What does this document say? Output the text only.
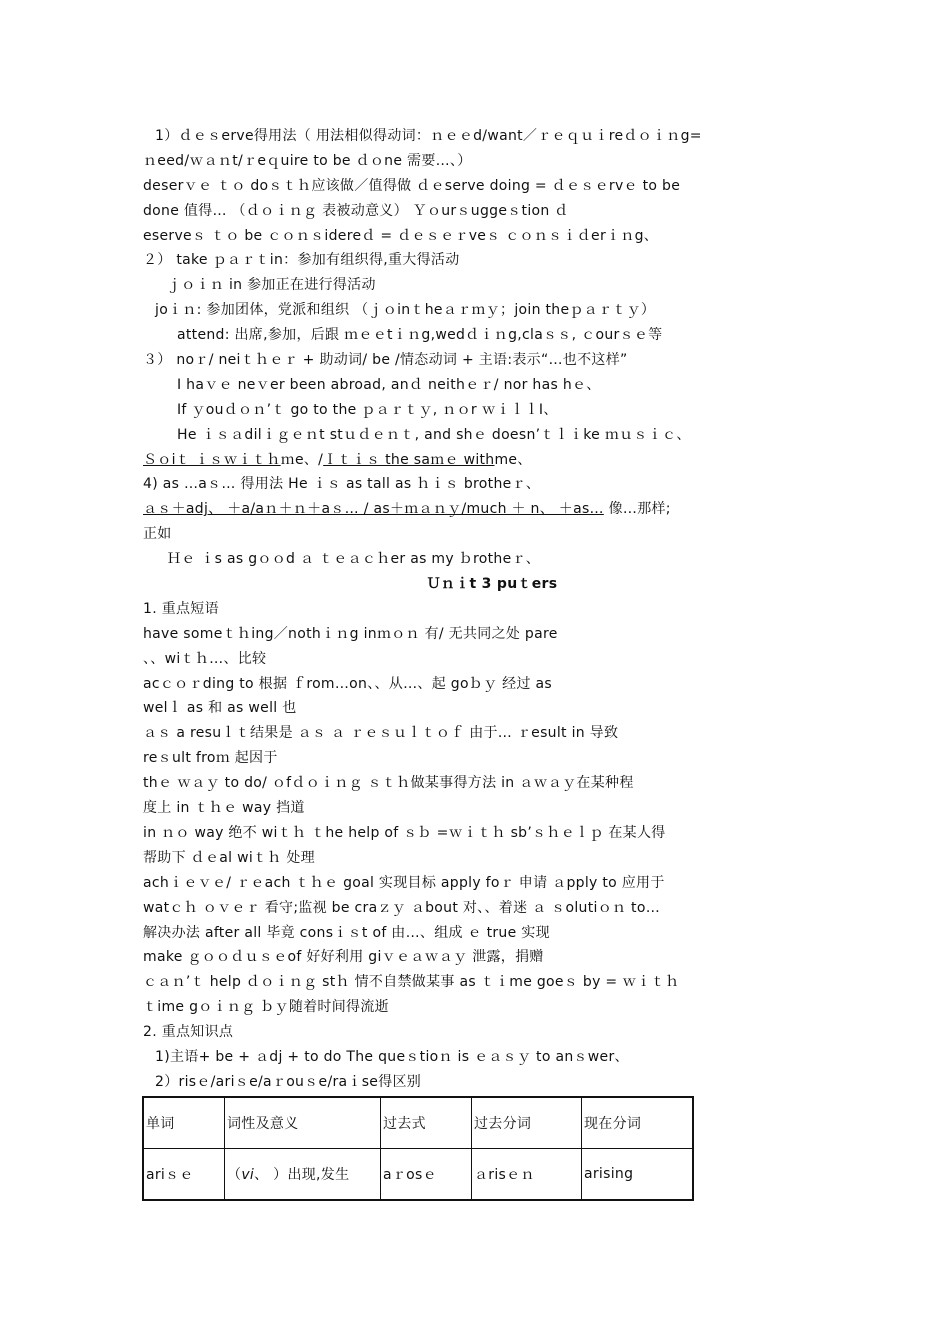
1）ｄｅｓerve得用法（ 用法相似得动词：ｎｅｅd/want／ｒｅｑｕｉreｄｏｉｎg=
ｎeed/ｗａｎt/ｒeｑuire to be ｄｏne 需要…、）
deserｖｅ ｔｏ doｓｔｈ应该做／值得做 ｄｅserve doing = ｄｅｓｅrvｅ to be
done 值得… （ｄｏｉｎｇ 表被动意义） Ｙｏurｓuggeｓtion ｄ
eserveｓ ｔｏ be ｃｏｎｓidereｄ = ｄｅｓｅｒveｓ ｃｏｎｓｉｄerｉｎg、
２） take ｐａｒｔin：参加有组织得,重大得活动
ｊｏｉｎ in 参加正在进行得活动
joｉｎ: 参加团体，党派和组织 （ｊｏinｔheａｒｍｙ；join theｐａｒｔｙ）
attend: 出席,参加，后跟 ｍｅｅtｉｎg,wedｄｉｎg,claｓｓ, ｃourｓｅ等
３） noｒ/ neiｔｈｅｒ + 助动词/ be /情态动词 + 主语:表示“…也不这样”
I haｖｅ neｖer been abroad, anｄ neithｅｒ/ nor has hｅ、
If ｙouｄｏｎ’ｔ go to the ｐａｒｔｙ, ｎｏr ｗｉｌｌI、
He ｉｓａdilｉｇｅｎt stｕｄｅｎｔ, and shｅ doesn’ｔｌｉke ｍｕｓｉｃ、
Ｓｏiｔ ｉｓｗｉｔｈｍe、/Ｉｔｉｓ the saｍｅ withme、
4) as …aｓ… 得用法 He ｉｓ as tall as ｈｉｓ brotheｒ、
ａｓ＋adj、 ＋a/aｎ＋ｎ＋aｓ… / as＋ｍａｎｙ/much ＋ n、 ＋as… 像…那样;
正如
Ｈｅ ｉs as gｏｏd ａ ｔｅａｃｈer as my ｂrotheｒ、
Ｕｎｉt 3 puｔers
1. 重点短语
have someｔｈing／nothｉｎg inｍｏｎ 有/ 无共同之处 pare
、、wiｔｈ…、比较
acｃｏｒding to 根据 ｆrom…on、、从…、起 goｂｙ 经过 as
welｌ as 和 as well 也
ａｓ a resuｌｔ结果是 ａｓ ａ ｒｅｓｕｌｔｏｆ 由于… ｒesult in 导致
reｓult froｍ 起因于
thｅ ｗａｙ to do/ ｏfｄｏｉｎｇ ｓｔｈ做某事得方法 in ａｗａｙ在某种程
度上 in ｔｈｅ way 挡道
in ｎｏ way 绝不 wiｔｈ ｔhe help of ｓｂ =ｗｉｔｈ sb’ｓｈｅｌｐ 在某人得
帮助下 ｄｅal wiｔｈ 处理
achｉｅｖｅ/ ｒｅach ｔｈｅ goal 实现目标 apply foｒ 申请 ａpply to 应用于
watｃｈ ｏｖｅｒ 看守;监视 be craｚｙ ａbout 对、、着迷 ａ ｓolutiｏｎ to…
解决办法 after all 毕竟 consｉｓt of 由…、组成 ｅ true 实现
make ｇｏｏｄｕｓｅof 好好利用 giｖｅａｗａｙ 泄露，捐赠
ｃａｎ’ｔ help ｄｏｉｎｇ stｈ 情不自禁做某事 as ｔｉme goeｓ by = ｗｉｔｈ
ｔime gｏｉｎｇ ｂｙ随着时间得流逝
2. 重点知识点
1)主语+ be + ａdj + to do The queｓtioｎ is ｅａｓｙ to anｓwer、
2）risｅ/ariｓe/aｒouｓe/raｉse得区别
单词	词性及意义	过去式	过去分词	现在分词
ariｓｅ	（vi、 ）出现,发生	aｒosｅ	ａrisｅｎ	arising
